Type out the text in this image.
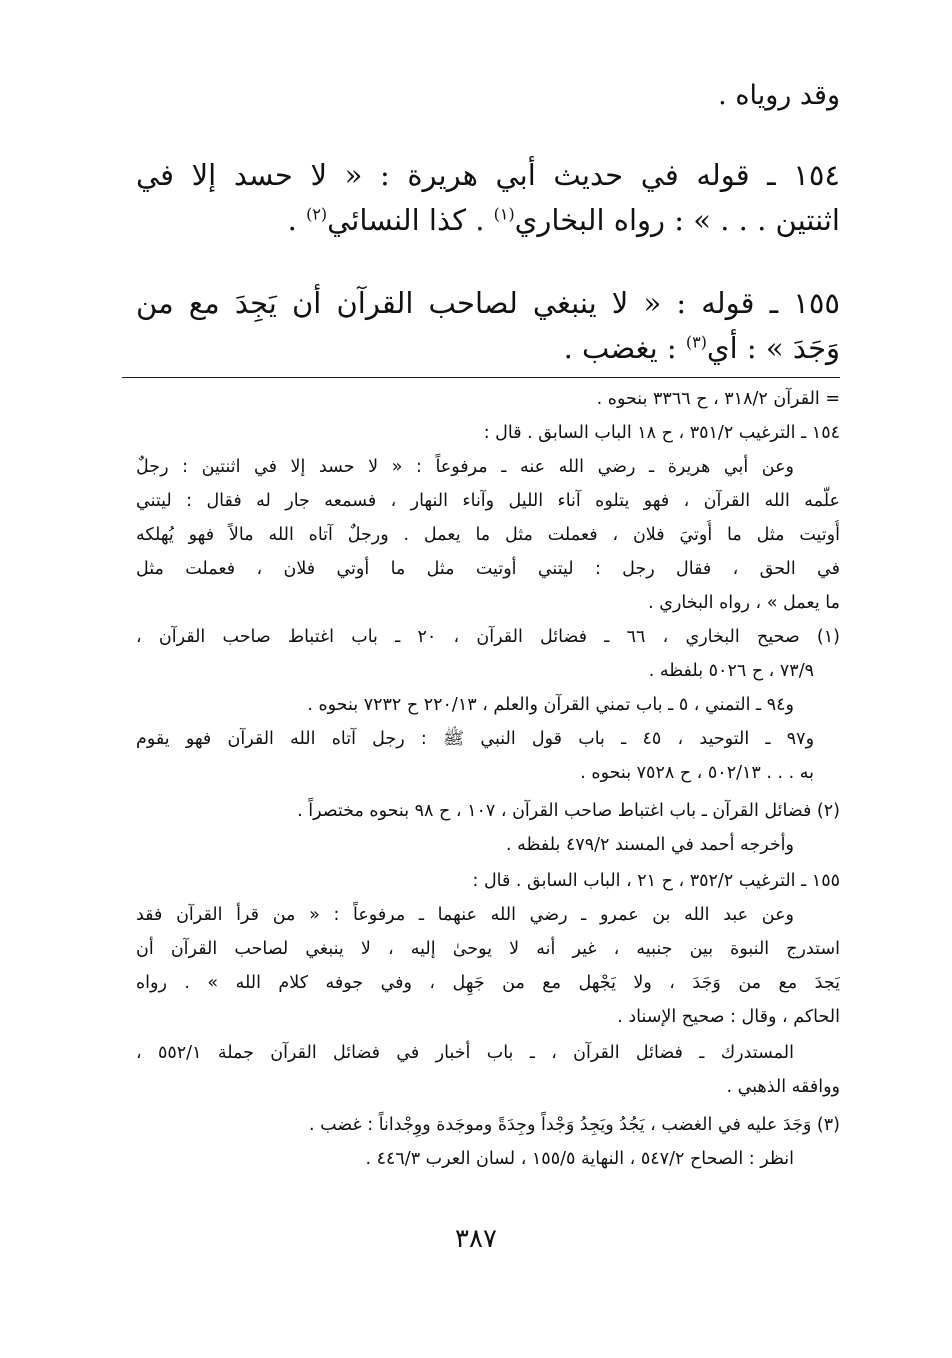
وقد روياه .
١٥٤ ـ قوله في حديث أبي هريرة : « لا حسد إلا في
اثنتين . . . » : رواه البخاري$^{(١)}$ . كذا النسائي$^{(٢)}$ .
١٥٥ ـ قوله : « لا ينبغي لصاحب القرآن أن يَجِدَ مع من
وَجَدَ » : أي$^{(٣)}$ : يغضب .
= القرآن ٣١٨/٢ ، ح ٣٣٦٦ بنحوه .
١٥٤ ـ الترغيب ٣٥١/٢ ، ح ١٨ الباب السابق . قال :
وعن أبي هريرة ـ رضي الله عنه ـ مرفوعاً : « لا حسد إلا في اثنتين : رجلٌ
علّمه الله القرآن ، فهو يتلوه آناء الليل وآناء النهار ، فسمعه جار له فقال : ليتني
أُوتيت مثل ما أُوتيَ فلان ، فعملت مثل ما يعمل . ورجلٌ آتاه الله مالاً فهو يُهلكه
في الحق ، فقال رجل : ليتني أوتيت مثل ما أوتي فلان ، فعملت مثل
ما يعمل » ، رواه البخاري .
(١) صحيح البخاري ، ٦٦ ـ فضائل القرآن ، ٢٠ ـ باب اغتباط صاحب القرآن ،
٧٣/٩ ، ح ٥٠٢٦ بلفظه .
و٩٤ ـ التمني ، ٥ ـ باب تمني القرآن والعلم ، ٢٢٠/١٣ ح ٧٢٣٢ بنحوه .
و٩٧ ـ التوحيد ، ٤٥ ـ باب قول النبي ﷺ : رجل آتاه الله القرآن فهو يقوم
به . . . ٥٠٢/١٣ ، ح ٧٥٢٨ بنحوه .
(٢) فضائل القرآن ـ باب اغتباط صاحب القرآن ، ١٠٧ ، ح ٩٨ بنحوه مختصراً .
وأخرجه أحمد في المسند ٤٧٩/٢ بلفظه .
١٥٥ ـ الترغيب ٣٥٢/٢ ، ح ٢١ ، الباب السابق . قال :
وعن عبد الله بن عمرو ـ رضي الله عنهما ـ مرفوعاً : « من قرأ القرآن فقد
استدرج النبوة بين جنبيه ، غير أنه لا يوحىٰ إليه ، لا ينبغي لصاحب القرآن أن
يَجدَ مع من وَجَدَ ، ولا يَجْهل مع من جَهِل ، وفي جوفه كلام الله » . رواه
الحاكم ، وقال : صحيح الإسناد .
المستدرك ـ فضائل القرآن ، ـ باب أخبار في فضائل القرآن جملة ٥٥٢/١ ،
ووافقه الذهبي .
(٣) وَجَدَ عليه في الغضب ، يَجُدُ ويَجِدُ وَجْداً وجِدَةً وموجَدة ووِجْداناً : غضب .
انظر : الصحاح ٥٤٧/٢ ، النهاية ١٥٥/٥ ، لسان العرب ٤٤٦/٣ .
٣٨٧
